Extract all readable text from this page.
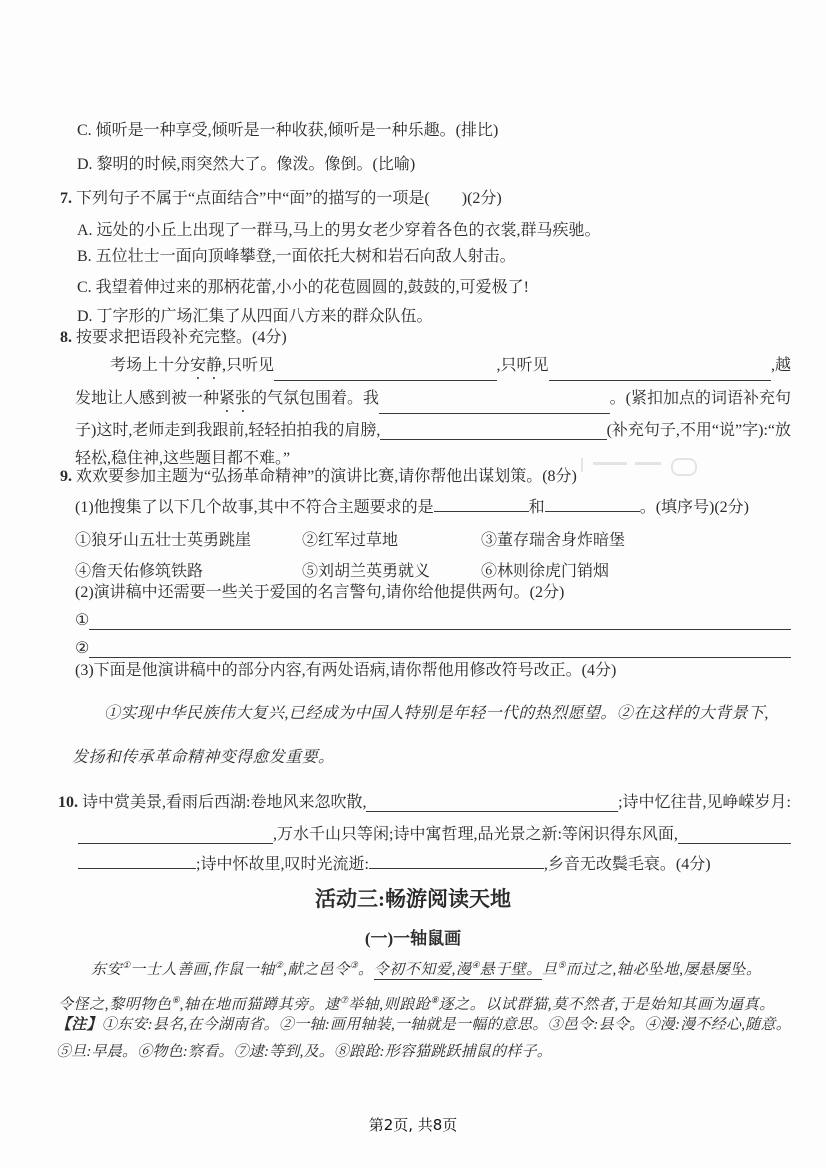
C. 倾听是一种享受,倾听是一种收获,倾听是一种乐趣。(排比)
D. 黎明的时候,雨突然大了。像泼。像倒。(比喻)
7. 下列句子不属于“点面结合”中“面”的描写的一项是(　　)(2分)
A. 远处的小丘上出现了一群马,马上的男女老少穿着各色的衣裳,群马疾驰。
B. 五位壮士一面向顶峰攀登,一面依托大树和岩石向敌人射击。
C. 我望着伸过来的那柄花蕾,小小的花苞圆圆的,鼓鼓的,可爱极了!
D. 丁字形的广场汇集了从四面八方来的群众队伍。
8. 按要求把语段补充完整。(4分)
考场上十分 安静 ,只听见	,只听见	,越
发地让人感到被一种 紧张 的气氛包围着。我	。(紧扣加点的词语补充句
子)这时,老师走到我跟前,轻轻拍拍我的肩膀,	(补充句子,不用“说”字):“放
轻松,稳住神,这些题目都不难。”
9. 欢欢要参加主题为“弘扬革命精神”的演讲比赛,请你帮他出谋划策。(8分)
(1)他搜集了以下几个故事,其中不符合主题要求的是	和	。(填序号)(2分)
①狼牙山五壮士英勇跳崖	②红军过草地	③董存瑞舍身炸暗堡
④詹天佑修筑铁路	⑤刘胡兰英勇就义	⑥林则徐虎门销烟
(2)演讲稿中还需要一些关于爱国的名言警句,请你给他提供两句。(2分)
①
②
(3)下面是他演讲稿中的部分内容,有两处语病,请你帮他用修改符号改正。(4分)
①实现中华民族伟大复兴,已经成为中国人特别是年轻一代的热烈愿望。②在这样的大背景下,
发扬和传承革命精神变得愈发重要。
10. 诗中赏美景,看雨后西湖:卷地风来忽吹散,	;诗中忆往昔,见峥嵘岁月:
,万水千山只等闲;诗中寓哲理,品光景之新:等闲识得东风面,
;诗中怀故里,叹时光流逝:	,乡音无改鬓毛衰。(4分)
活动三:畅游阅读天地
(一)一轴鼠画
东安①一士人善画,作鼠一轴②,献之邑令③。令初不知爱,漫④悬于壁。旦⑤而过之,轴必坠地,屡悬屡坠。
令怪之,黎明物色⑥,轴在地而猫蹲其旁。逮⑦举轴,则踉跄⑧逐之。以试群猫,莫不然者,于是始知其画为逼真。
【注】①东安:县名,在今湖南省。②一轴:画用轴装,一轴就是一幅的意思。③邑令:县令。④漫:漫不经心,随意。⑤旦:早晨。⑥物色:察看。⑦逮:等到,及。⑧踉跄:形容猫跳跃捕鼠的样子。
第2页, 共8页
